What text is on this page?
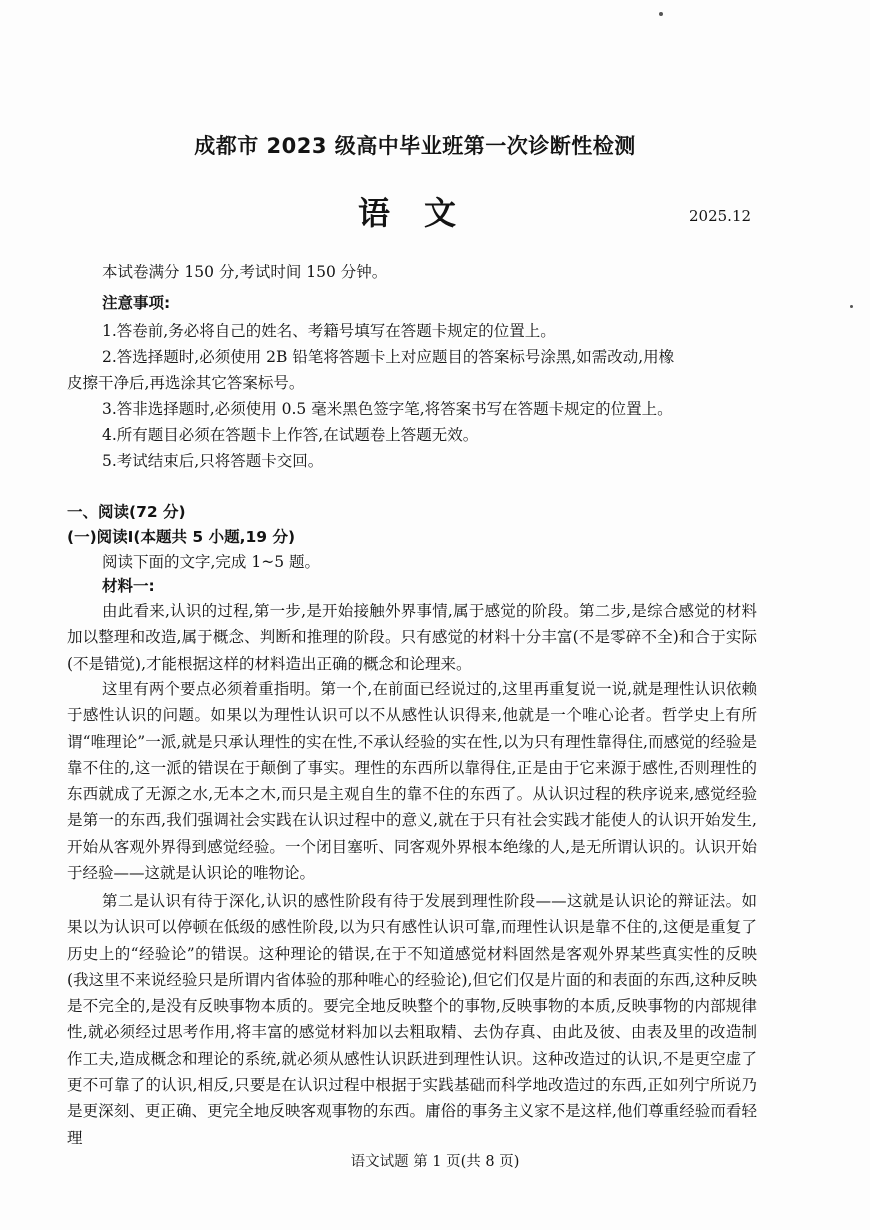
成都市 2023 级高中毕业班第一次诊断性检测
语文	2025.12
本试卷满分 150 分,考试时间 150 分钟。
注意事项:
1.答卷前,务必将自己的姓名、考籍号填写在答题卡规定的位置上。
2.答选择题时,必须使用 2B 铅笔将答题卡上对应题目的答案标号涂黑,如需改动,用橡
皮擦干净后,再选涂其它答案标号。
3.答非选择题时,必须使用 0.5 毫米黑色签字笔,将答案书写在答题卡规定的位置上。
4.所有题目必须在答题卡上作答,在试题卷上答题无效。
5.考试结束后,只将答题卡交回。
一、阅读(72 分)
(一)阅读Ⅰ(本题共 5 小题,19 分)
阅读下面的文字,完成 1~5 题。
材料一:
由此看来,认识的过程,第一步,是开始接触外界事情,属于感觉的阶段。第二步,是综合感觉的材料加以整理和改造,属于概念、判断和推理的阶段。只有感觉的材料十分丰富(不是零碎不全)和合于实际(不是错觉),才能根据这样的材料造出正确的概念和论理来。
这里有两个要点必须着重指明。第一个,在前面已经说过的,这里再重复说一说,就是理性认识依赖于感性认识的问题。如果以为理性认识可以不从感性认识得来,他就是一个唯心论者。哲学史上有所谓“唯理论”一派,就是只承认理性的实在性,不承认经验的实在性,以为只有理性靠得住,而感觉的经验是靠不住的,这一派的错误在于颠倒了事实。理性的东西所以靠得住,正是由于它来源于感性,否则理性的东西就成了无源之水,无本之木,而只是主观自生的靠不住的东西了。从认识过程的秩序说来,感觉经验是第一的东西,我们强调社会实践在认识过程中的意义,就在于只有社会实践才能使人的认识开始发生,开始从客观外界得到感觉经验。一个闭目塞听、同客观外界根本绝缘的人,是无所谓认识的。认识开始于经验——这就是认识论的唯物论。
第二是认识有待于深化,认识的感性阶段有待于发展到理性阶段——这就是认识论的辩证法。如果以为认识可以停顿在低级的感性阶段,以为只有感性认识可靠,而理性认识是靠不住的,这便是重复了历史上的“经验论”的错误。这种理论的错误,在于不知道感觉材料固然是客观外界某些真实性的反映(我这里不来说经验只是所谓内省体验的那种唯心的经验论),但它们仅是片面的和表面的东西,这种反映是不完全的,是没有反映事物本质的。要完全地反映整个的事物,反映事物的本质,反映事物的内部规律性,就必须经过思考作用,将丰富的感觉材料加以去粗取精、去伪存真、由此及彼、由表及里的改造制作工夫,造成概念和理论的系统,就必须从感性认识跃进到理性认识。这种改造过的认识,不是更空虚了更不可靠了的认识,相反,只要是在认识过程中根据于实践基础而科学地改造过的东西,正如列宁所说乃是更深刻、更正确、更完全地反映客观事物的东西。庸俗的事务主义家不是这样,他们尊重经验而看轻理
语文试题 第 1 页(共 8 页)
